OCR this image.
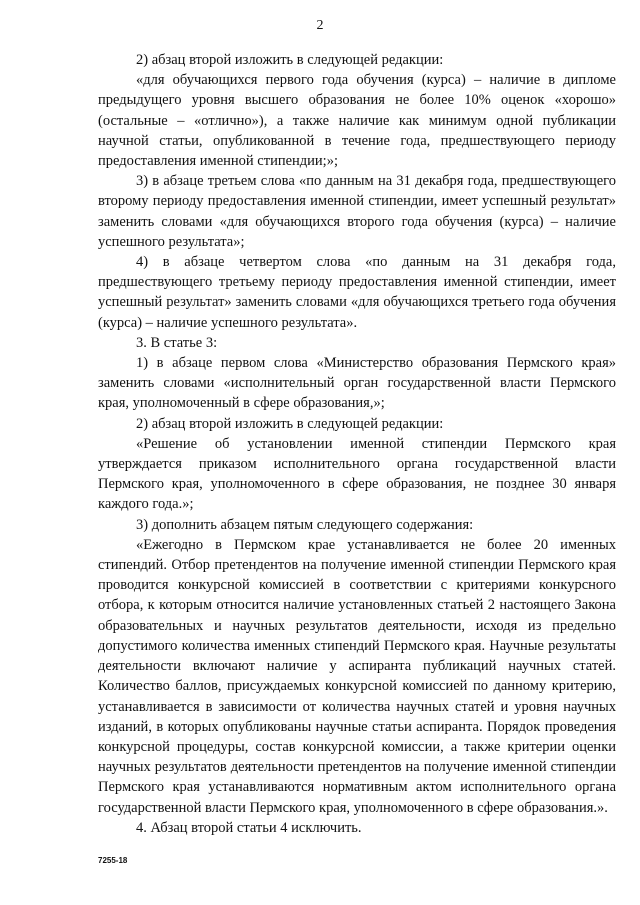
2

2) абзац второй изложить в следующей редакции:

«для обучающихся первого года обучения (курса) – наличие в дипломе предыдущего уровня высшего образования не более 10% оценок «хорошо» (остальные – «отлично»), а также наличие как минимум одной публикации научной статьи, опубликованной в течение года, предшествующего периоду предоставления именной стипендии;»;

3) в абзаце третьем слова «по данным на 31 декабря года, предшествующего второму периоду предоставления именной стипендии, имеет успешный результат» заменить словами «для обучающихся второго года обучения (курса) – наличие успешного результата»;

4) в абзаце четвертом слова «по данным на 31 декабря года, предшествующего третьему периоду предоставления именной стипендии, имеет успешный результат» заменить словами «для обучающихся третьего года обучения (курса) – наличие успешного результата».

3. В статье 3:

1) в абзаце первом слова «Министерство образования Пермского края» заменить словами «исполнительный орган государственной власти Пермского края, уполномоченный в сфере образования,»;

2) абзац второй изложить в следующей редакции:

«Решение об установлении именной стипендии Пермского края утверждается приказом исполнительного органа государственной власти Пермского края, уполномоченного в сфере образования, не позднее 30 января каждого года.»;

3) дополнить абзацем пятым следующего содержания:

«Ежегодно в Пермском крае устанавливается не более 20 именных стипендий. Отбор претендентов на получение именной стипендии Пермского края проводится конкурсной комиссией в соответствии с критериями конкурсного отбора, к которым относится наличие установленных статьей 2 настоящего Закона образовательных и научных результатов деятельности, исходя из предельно допустимого количества именных стипендий Пермского края. Научные результаты деятельности включают наличие у аспиранта публикаций научных статей. Количество баллов, присуждаемых конкурсной комиссией по данному критерию, устанавливается в зависимости от количества научных статей и уровня научных изданий, в которых опубликованы научные статьи аспиранта. Порядок проведения конкурсной процедуры, состав конкурсной комиссии, а также критерии оценки научных результатов деятельности претендентов на получение именной стипендии Пермского края устанавливаются нормативным актом исполнительного органа государственной власти Пермского края, уполномоченного в сфере образования.».

4. Абзац второй статьи 4 исключить.

7255-18
